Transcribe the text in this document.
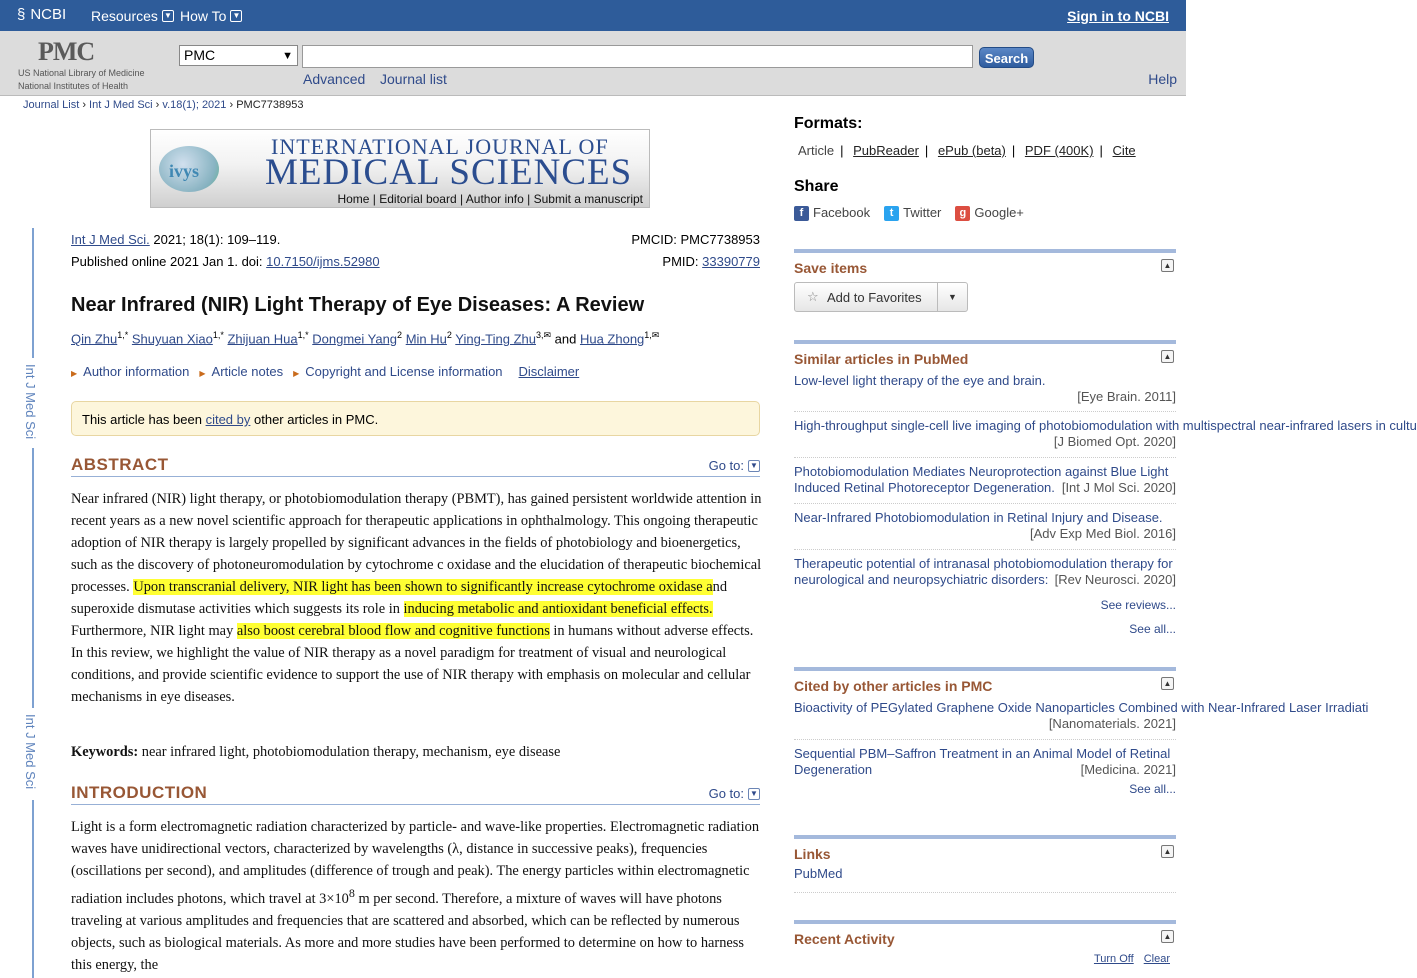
§ NCBI Resources ▼ How To ▼	Sign in to NCBI
PMC
US National Library of Medicine
National Institutes of Health
PMC	▼	Search
Advanced Journal list	Help
Journal List › Int J Med Sci › v.18(1); 2021 › PMC7738953
ivys
INTERNATIONAL JOURNAL OF
MEDICAL SCIENCES
Home | Editorial board | Author info | Submit a manuscript
Int J Med Sci
Int J Med Sci
Int J Med Sci. 2021; 18(1): 109–119.
Published online 2021 Jan 1. doi: 10.7150/ijms.52980
PMCID: PMC7738953
PMID: 33390779
Near Infrared (NIR) Light Therapy of Eye Diseases: A Review
Qin Zhu$^{1,*}$ Shuyuan Xiao$^{1,*}$ Zhijuan Hua$^{1,*}$ Dongmei Yang$^2$ Min Hu$^2$ Ying-Ting Zhu$^{3,✉}$ and Hua Zhong$^{1,✉}$
▶ Author information ▶ Article notes ▶ Copyright and License information Disclaimer
This article has been cited by other articles in PMC.
ABSTRACT	Go to: ▼

Near infrared (NIR) light therapy, or photobiomodulation therapy (PBMT), has gained persistent worldwide attention in recent years as a new novel scientific approach for therapeutic applications in ophthalmology. This ongoing therapeutic adoption of NIR therapy is largely propelled by significant advances in the fields of photobiology and bioenergetics, such as the discovery of photoneuromodulation by cytochrome c oxidase and the elucidation of therapeutic biochemical processes. Upon transcranial delivery, NIR light has been shown to significantly increase cytochrome oxidase and superoxide dismutase activities which suggests its role in inducing metabolic and antioxidant beneficial effects. Furthermore, NIR light may also boost cerebral blood flow and cognitive functions in humans without adverse effects. In this review, we highlight the value of NIR therapy as a novel paradigm for treatment of visual and neurological conditions, and provide scientific evidence to support the use of NIR therapy with emphasis on molecular and cellular mechanisms in eye diseases.

Keywords: near infrared light, photobiomodulation therapy, mechanism, eye disease

INTRODUCTION	Go to: ▼

Light is a form electromagnetic radiation characterized by particle- and wave-like properties. Electromagnetic radiation waves have unidirectional vectors, characterized by wavelengths (λ, distance in successive peaks), frequencies (oscillations per second), and amplitudes (difference of trough and peak). The energy particles within electromagnetic radiation includes photons, which travel at $3\times 10^8$ m per second. Therefore, a mixture of waves will have photons traveling at various amplitudes and frequencies that are scattered and absorbed, which can be reflected by numerous objects, such as biological materials. As more and more studies have been performed to determine on how to harness this energy, the

Formats:
Article | PubReader | ePub (beta) | PDF (400K) | Cite
Share
f Facebook	t Twitter	g Google+
Save items	▲
☆ Add to Favorites	▼
Similar articles in PubMed	▲
Low-level light therapy of the eye and brain.
[Eye Brain. 2011]
High-throughput single-cell live imaging of photobiomodulation with multispectral near-infrared lasers in cultu
[J Biomed Opt. 2020]
Photobiomodulation Mediates Neuroprotection against Blue Light Induced Retinal Photoreceptor Degeneration. [Int J Mol Sci. 2020]
Near-Infrared Photobiomodulation in Retinal Injury and Disease.
[Adv Exp Med Biol. 2016]
Therapeutic potential of intranasal photobiomodulation therapy for neurological and neuropsychiatric disorders: [Rev Neurosci. 2020]
See reviews...
See all...
Cited by other articles in PMC	▲
Bioactivity of PEGylated Graphene Oxide Nanoparticles Combined with Near-Infrared Laser Irradiati
[Nanomaterials. 2021]
Sequential PBM–Saffron Treatment in an Animal Model of Retinal Degeneration	[Medicina. 2021]
See all...
Links	▲
PubMed
Recent Activity	▲
Turn Off Clear
